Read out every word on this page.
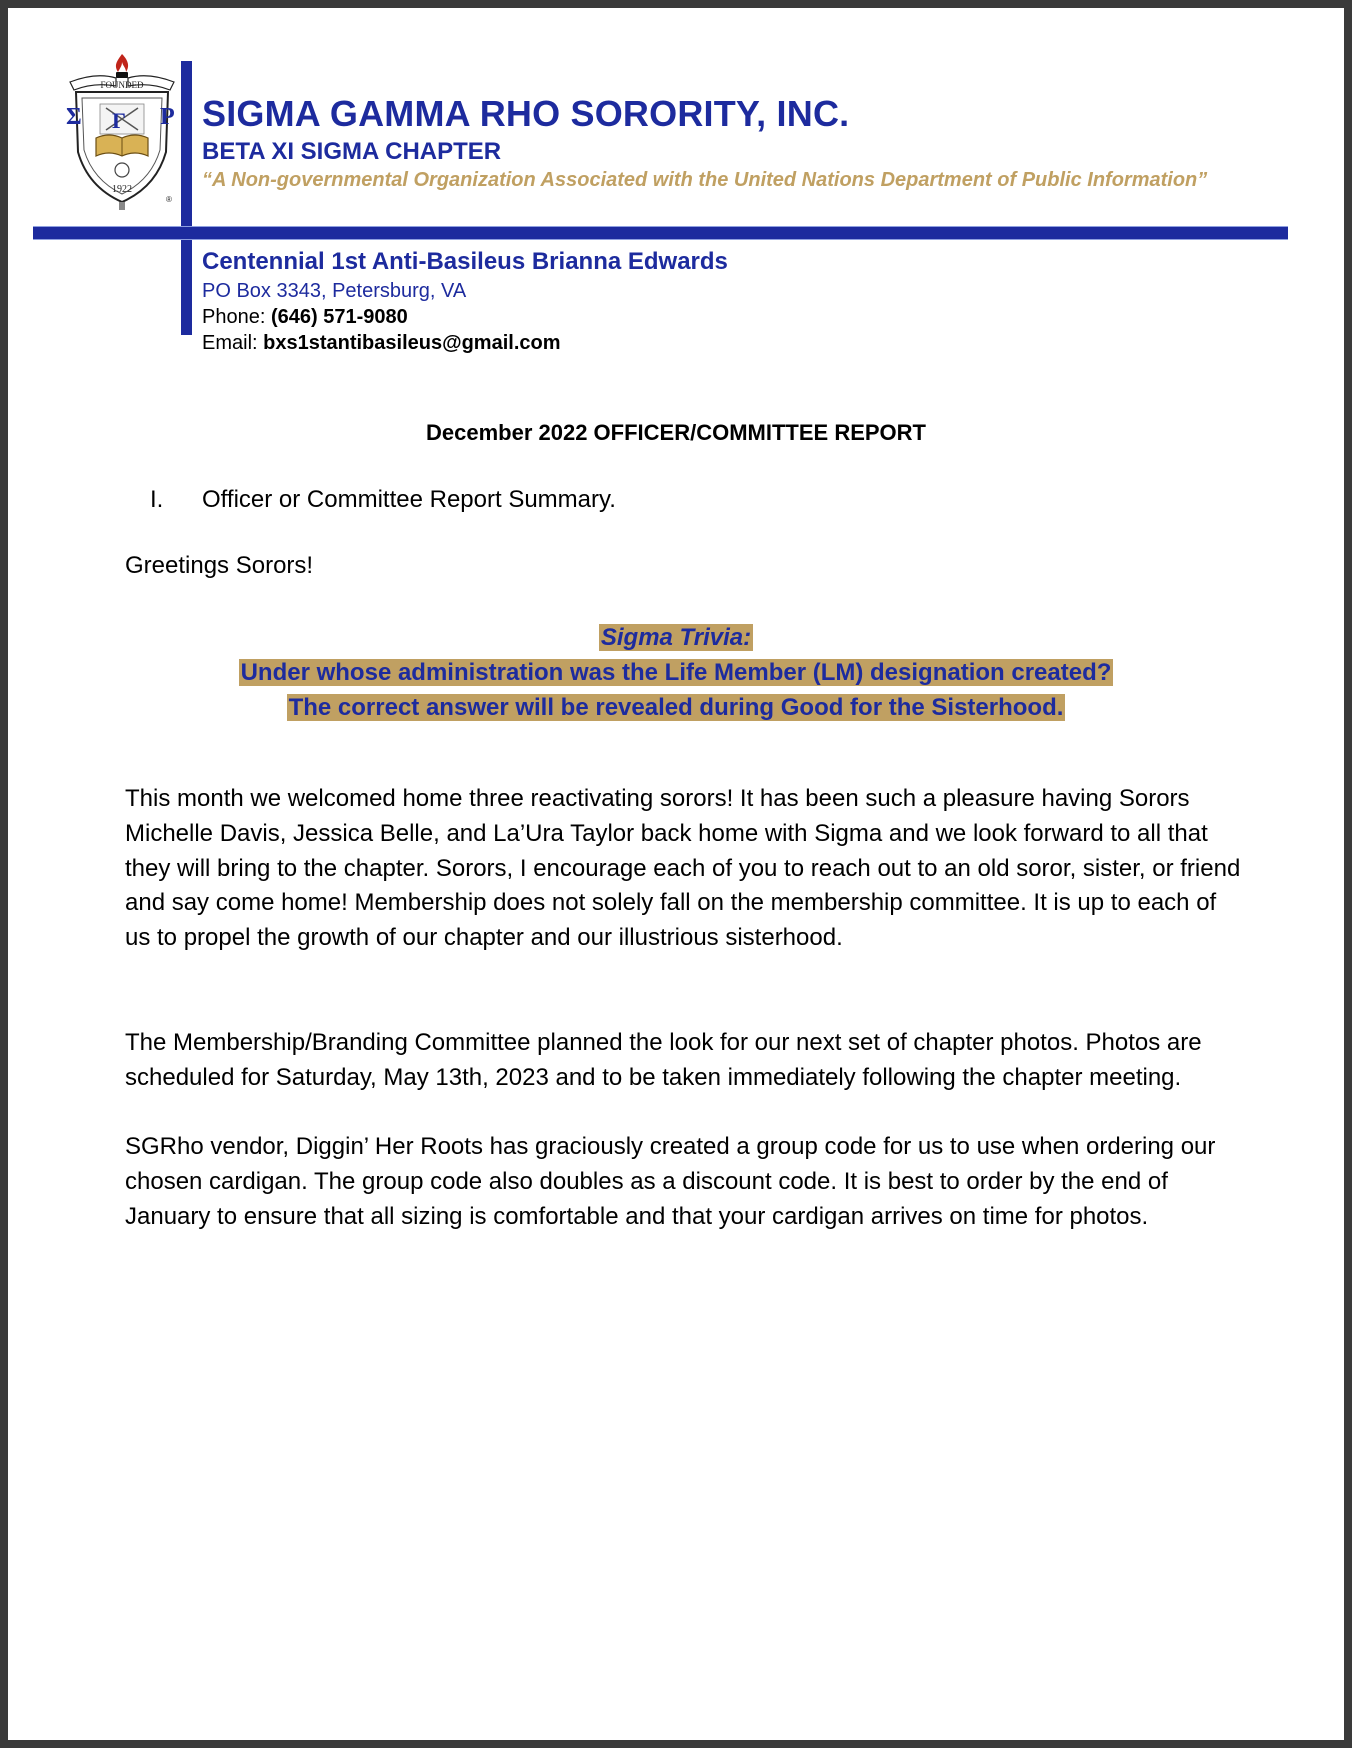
FOUNDED
1922
Σ Γ Ρ
®
SIGMA GAMMA RHO SORORITY, INC.
BETA XI SIGMA CHAPTER
“A Non-governmental Organization Associated with the United Nations Department of Public Information”
Centennial 1st Anti-Basileus Brianna Edwards
PO Box 3343, Petersburg, VA
Phone: (646) 571-9080
Email: bxs1stantibasileus@gmail.com
December 2022 OFFICER/COMMITTEE REPORT
I. Officer or Committee Report Summary.
Greetings Sorors!
Sigma Trivia:
Under whose administration was the Life Member (LM) designation created?
The correct answer will be revealed during Good for the Sisterhood.
This month we welcomed home three reactivating sorors! It has been such a pleasure having Sorors Michelle Davis, Jessica Belle, and La’Ura Taylor back home with Sigma and we look forward to all that they will bring to the chapter. Sorors, I encourage each of you to reach out to an old soror, sister, or friend and say come home! Membership does not solely fall on the membership committee. It is up to each of us to propel the growth of our chapter and our illustrious sisterhood.
The Membership/Branding Committee planned the look for our next set of chapter photos. Photos are scheduled for Saturday, May 13th, 2023 and to be taken immediately following the chapter meeting.
SGRho vendor, Diggin’ Her Roots has graciously created a group code for us to use when ordering our chosen cardigan. The group code also doubles as a discount code. It is best to order by the end of January to ensure that all sizing is comfortable and that your cardigan arrives on time for photos.
